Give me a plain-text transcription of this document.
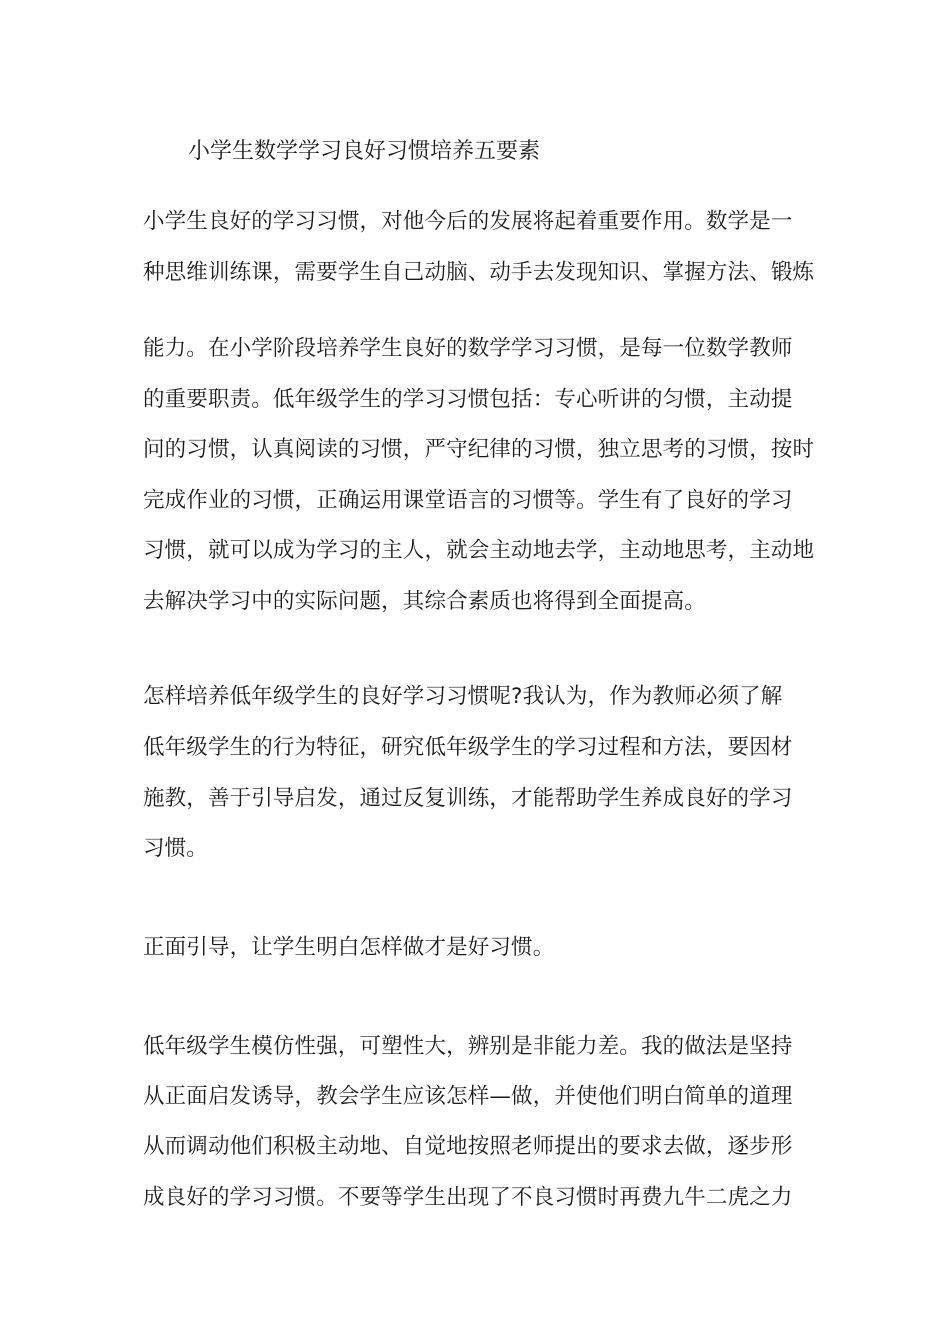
小学生数学学习良好习惯培养五要素
小学生良好的学习习惯，对他今后的发展将起着重要作用。数学是一
种思维训练课，需要学生自己动脑、动手去发现知识、掌握方法、锻炼
能力。在小学阶段培养学生良好的数学学习习惯，是每一位数学教师
的重要职责。低年级学生的学习习惯包括：专心听讲的匀惯，主动提
问的习惯，认真阅读的习惯，严守纪律的习惯，独立思考的习惯，按时
完成作业的习惯，正确运用课堂语言的习惯等。学生有了良好的学习
习惯，就可以成为学习的主人，就会主动地去学，主动地思考，主动地
去解决学习中的实际问题，其综合素质也将得到全面提高。
怎样培养低年级学生的良好学习习惯呢?我认为，作为教师必须了解
低年级学生的行为特征，研究低年级学生的学习过程和方法，要因材
施教，善于引导启发，通过反复训练，才能帮助学生养成良好的学习
习惯。
正面引导，让学生明白怎样做才是好习惯。
低年级学生模仿性强，可塑性大，辨别是非能力差。我的做法是坚持
从正面启发诱导，教会学生应该怎样—做，并使他们明白简单的道理
从而调动他们积极主动地、自觉地按照老师提出的要求去做，逐步形
成良好的学习习惯。不要等学生出现了不良习惯时再费九牛二虎之力
